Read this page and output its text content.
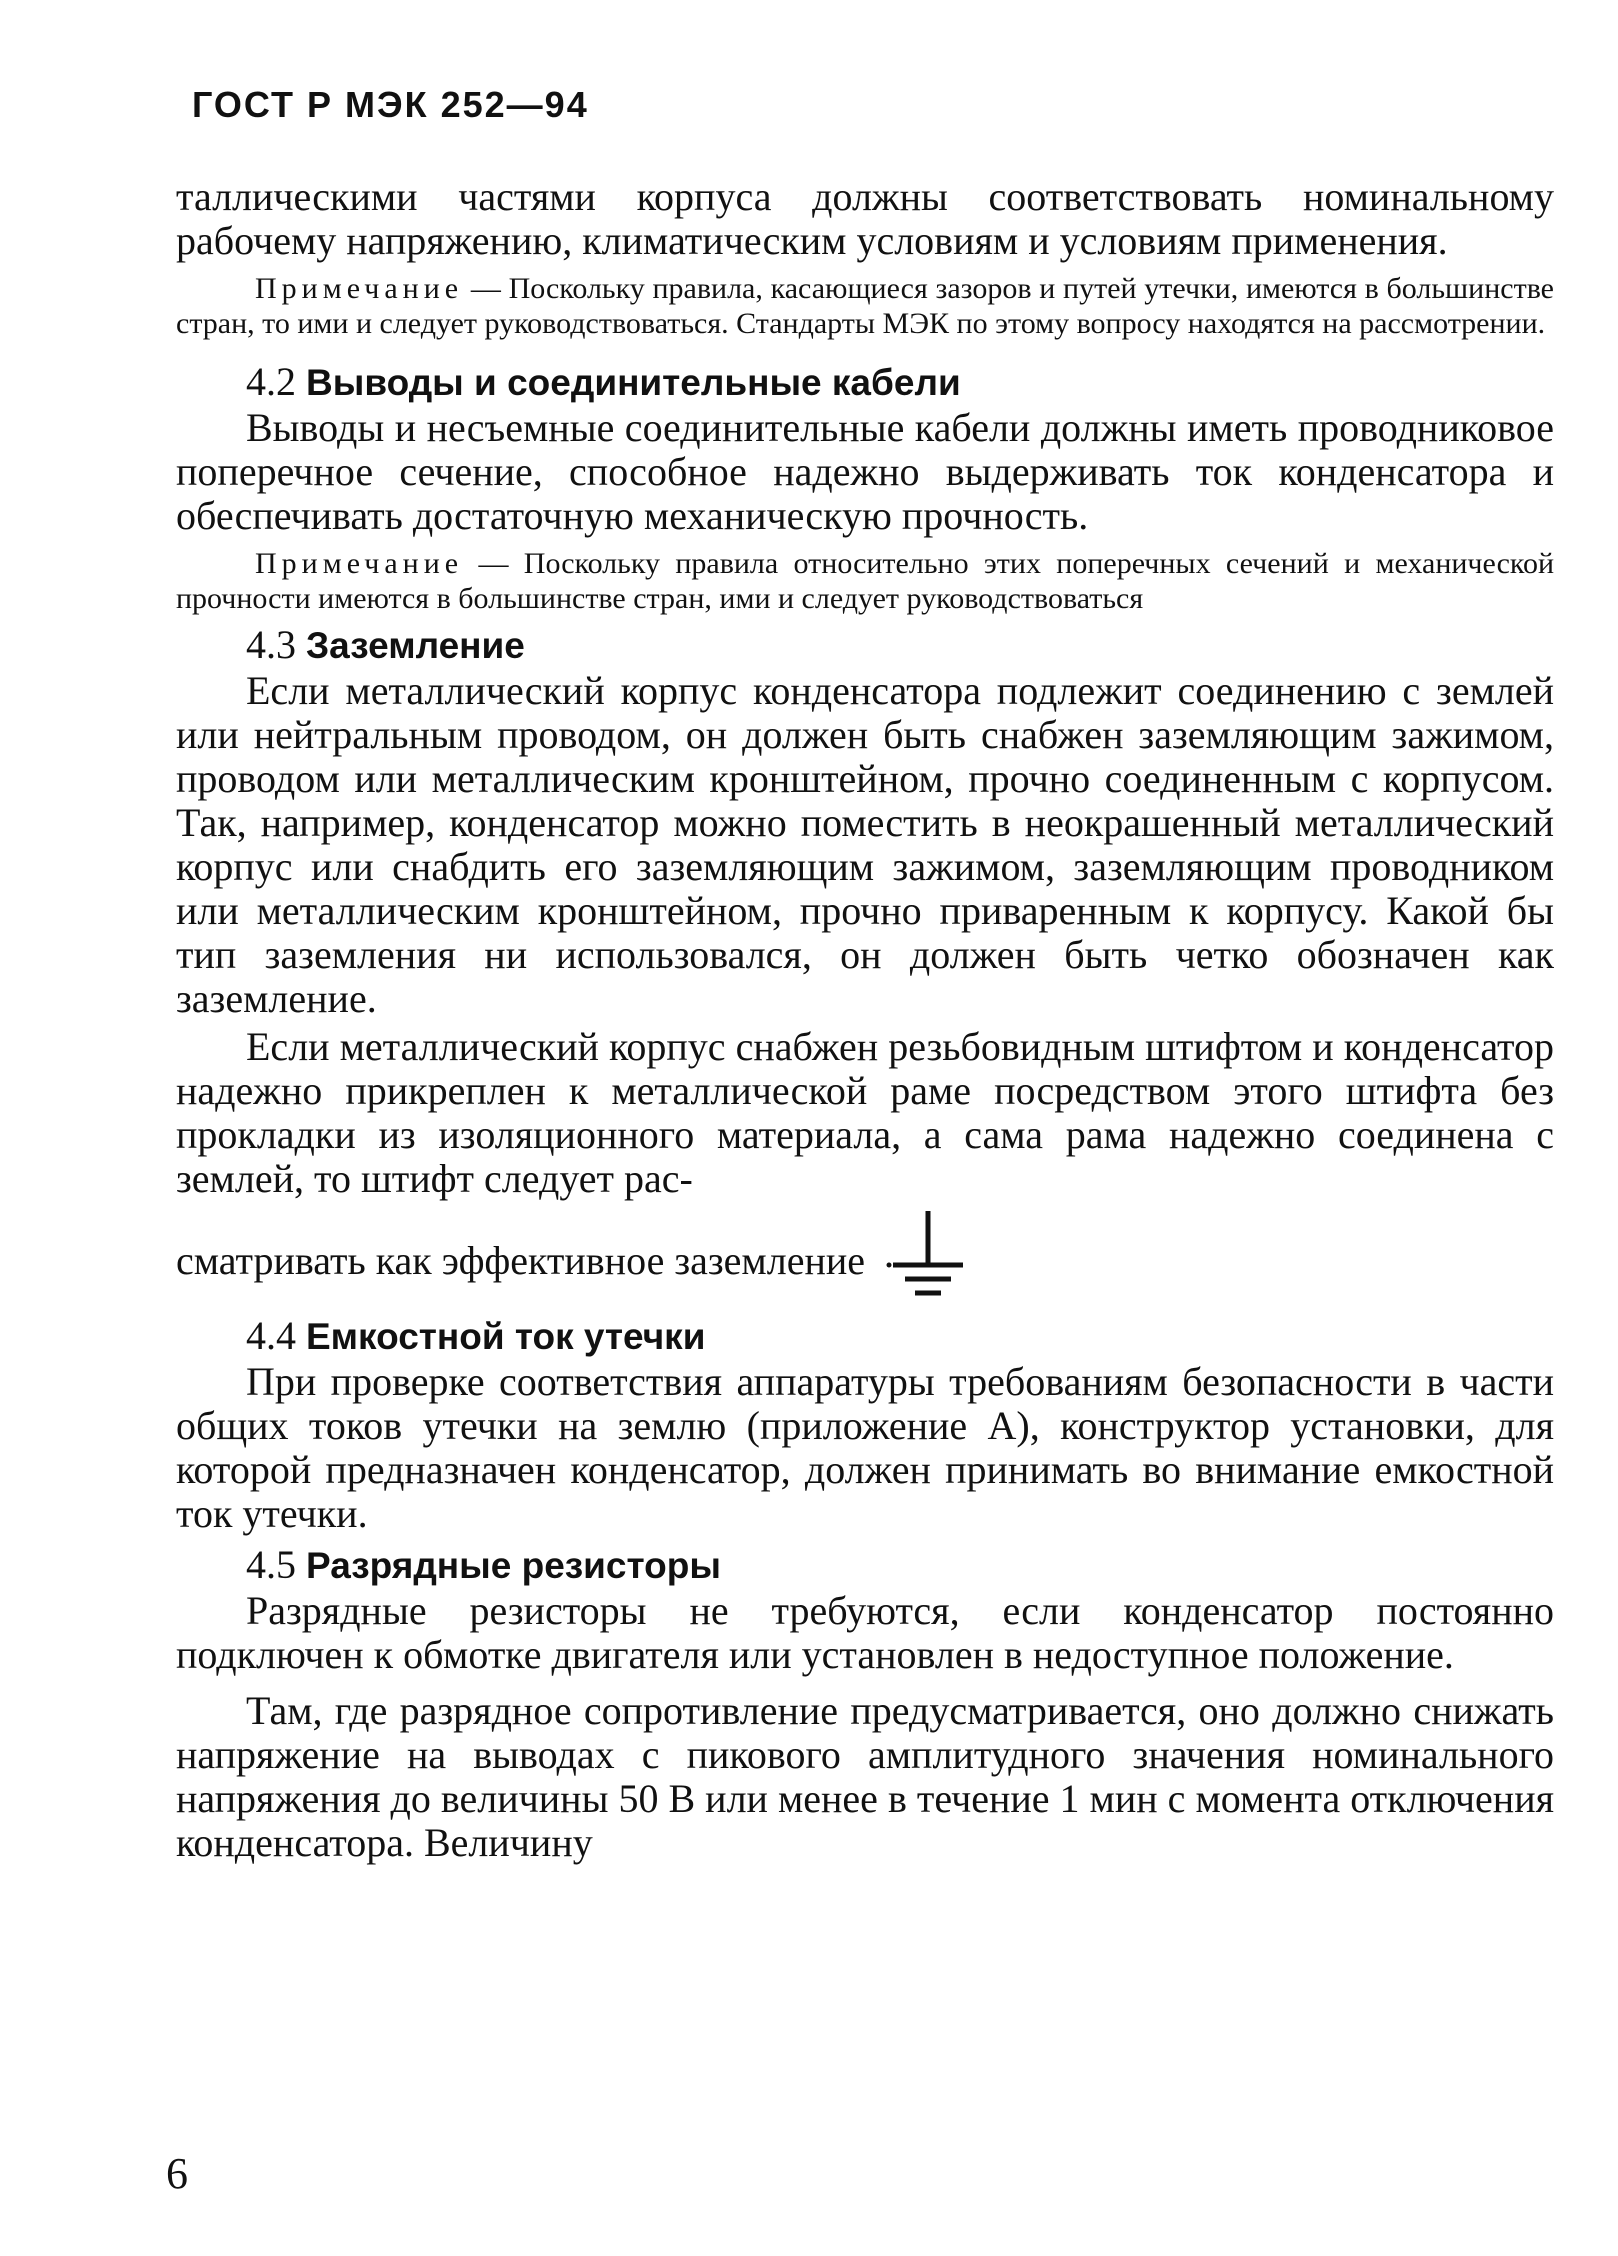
ГОСТ Р МЭК 252—94

таллическими частями корпуса должны соответствовать номинальному рабочему напряжению, климатическим условиям и условиям применения.

Примечание — Поскольку правила, касающиеся зазоров и путей утечки, имеются в большинстве стран, то ими и следует руководствоваться. Стандарты МЭК по этому вопросу находятся на рассмотрении.

4.2 Выводы и соединительные кабели

Выводы и несъемные соединительные кабели должны иметь проводниковое поперечное сечение, способное надежно выдерживать ток конденсатора и обеспечивать достаточную механическую прочность.

Примечание — Поскольку правила относительно этих поперечных сечений и механической прочности имеются в большинстве стран, ими и следует руководствоваться

4.3 Заземление

Если металлический корпус конденсатора подлежит соединению с землей или нейтральным проводом, он должен быть снабжен заземляющим зажимом, проводом или металлическим кронштейном, прочно соединенным с корпусом. Так, например, конденсатор можно поместить в неокрашенный металлический корпус или снабдить его заземляющим зажимом, заземляющим проводником или металлическим кронштейном, прочно приваренным к корпусу. Какой бы тип заземления ни использовался, он должен быть четко обозначен как заземление.

Если металлический корпус снабжен резьбовидным штифтом и конденсатор надежно прикреплен к металлической раме посредством этого штифта без прокладки из изоляционного материала, а сама рама надежно соединена с землей, то штифт следует рас-

сматривать как эффективное заземление
4.4 Емкостной ток утечки

При проверке соответствия аппаратуры требованиям безопасности в части общих токов утечки на землю (приложение А), конструктор установки, для которой предназначен конденсатор, должен принимать во внимание емкостной ток утечки.

4.5 Разрядные резисторы

Разрядные резисторы не требуются, если конденсатор постоянно подключен к обмотке двигателя или установлен в недоступное положение.

Там, где разрядное сопротивление предусматривается, оно должно снижать напряжение на выводах с пикового амплитудного значения номинального напряжения до величины 50 В или менее в течение 1 мин с момента отключения конденсатора. Величину

6
